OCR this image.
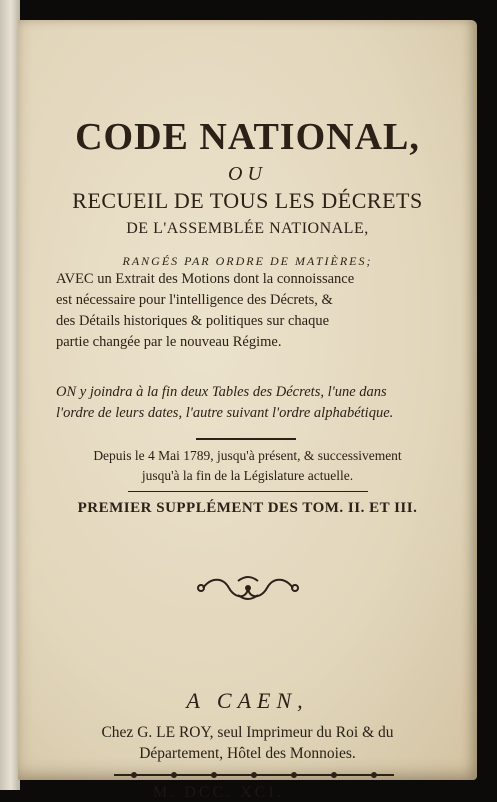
CODE NATIONAL,
OU
RECUEIL DE TOUS LES DÉCRETS
DE L'ASSEMBLÉE NATIONALE,
RANGÉS PAR ORDRE DE MATIÈRES;
AVEC un Extrait des Motions dont la connoissance
est nécessaire pour l'intelligence des Décrets, &
des Détails historiques & politiques sur chaque
partie changée par le nouveau Régime.
ON y joindra à la fin deux Tables des Décrets, l'une dans
l'ordre de leurs dates, l'autre suivant l'ordre alphabétique.
Depuis le 4 Mai 1789, jusqu'à présent, & successivement
jusqu'à la fin de la Législature actuelle.
PREMIER SUPPLÉMENT DES TOM. II. ET III.
A CAEN,
Chez G. LE ROY, seul Imprimeur du Roi & du
Département, Hôtel des Monnoies.
M. DCC. XCI.
